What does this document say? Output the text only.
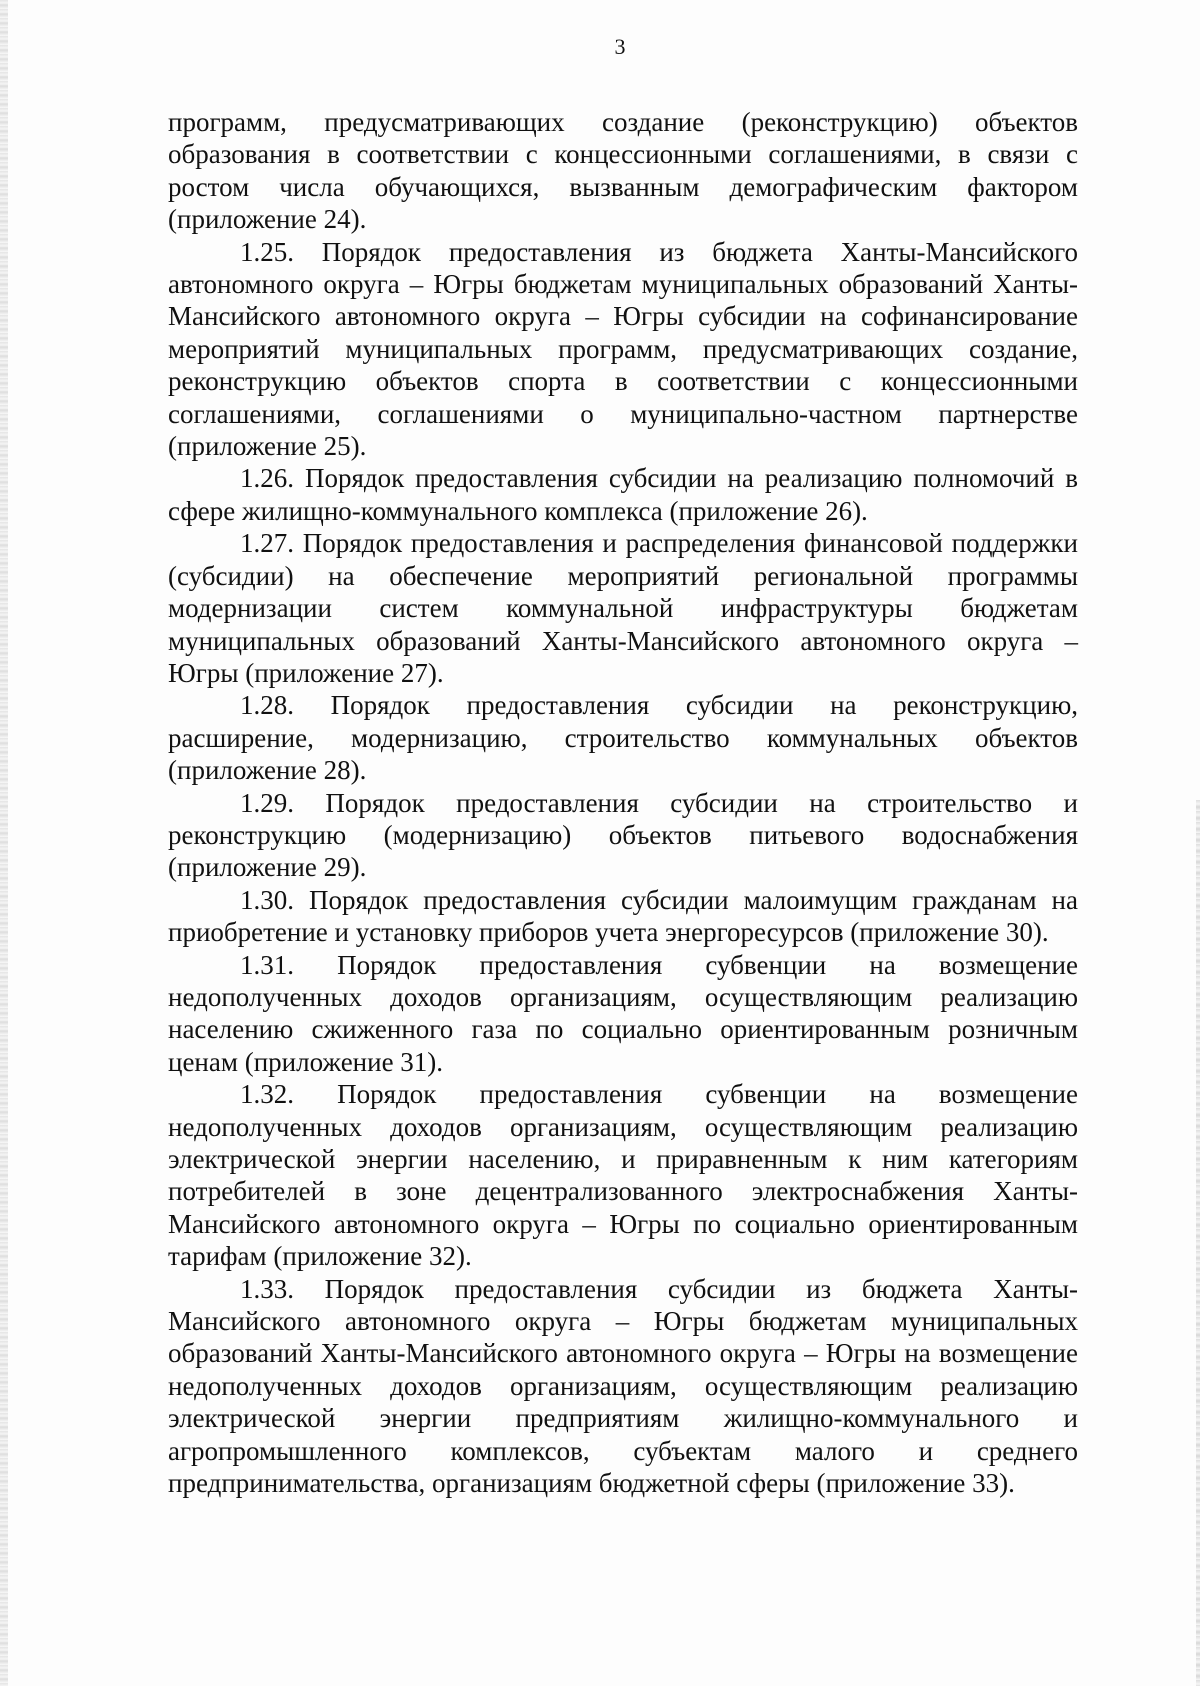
3

программ, предусматривающих создание (реконструкцию) объектов образования в соответствии с концессионными соглашениями, в связи с ростом числа обучающихся, вызванным демографическим фактором (приложение 24).

1.25. Порядок предоставления из бюджета Ханты-Мансийского автономного округа – Югры бюджетам муниципальных образований Ханты-Мансийского автономного округа – Югры субсидии на софинансирование мероприятий муниципальных программ, предусматривающих создание, реконструкцию объектов спорта в соответствии с концессионными соглашениями, соглашениями о муниципально-частном партнерстве (приложение 25).

1.26. Порядок предоставления субсидии на реализацию полномочий в сфере жилищно-коммунального комплекса (приложение 26).

1.27. Порядок предоставления и распределения финансовой поддержки (субсидии) на обеспечение мероприятий региональной программы модернизации систем коммунальной инфраструктуры бюджетам муниципальных образований Ханты-Мансийского автономного округа – Югры (приложение 27).

1.28. Порядок предоставления субсидии на реконструкцию, расширение, модернизацию, строительство коммунальных объектов (приложение 28).

1.29. Порядок предоставления субсидии на строительство и реконструкцию (модернизацию) объектов питьевого водоснабжения (приложение 29).

1.30. Порядок предоставления субсидии малоимущим гражданам на приобретение и установку приборов учета энергоресурсов (приложение 30).

1.31. Порядок предоставления субвенции на возмещение недополученных доходов организациям, осуществляющим реализацию населению сжиженного газа по социально ориентированным розничным ценам (приложение 31).

1.32. Порядок предоставления субвенции на возмещение недополученных доходов организациям, осуществляющим реализацию электрической энергии населению, и приравненным к ним категориям потребителей в зоне децентрализованного электроснабжения Ханты-Мансийского автономного округа – Югры по социально ориентированным тарифам (приложение 32).

1.33. Порядок предоставления субсидии из бюджета Ханты-Мансийского автономного округа – Югры бюджетам муниципальных образований Ханты-Мансийского автономного округа – Югры на возмещение недополученных доходов организациям, осуществляющим реализацию электрической энергии предприятиям жилищно-коммунального и агропромышленного комплексов, субъектам малого и среднего предпринимательства, организациям бюджетной сферы (приложение 33).
